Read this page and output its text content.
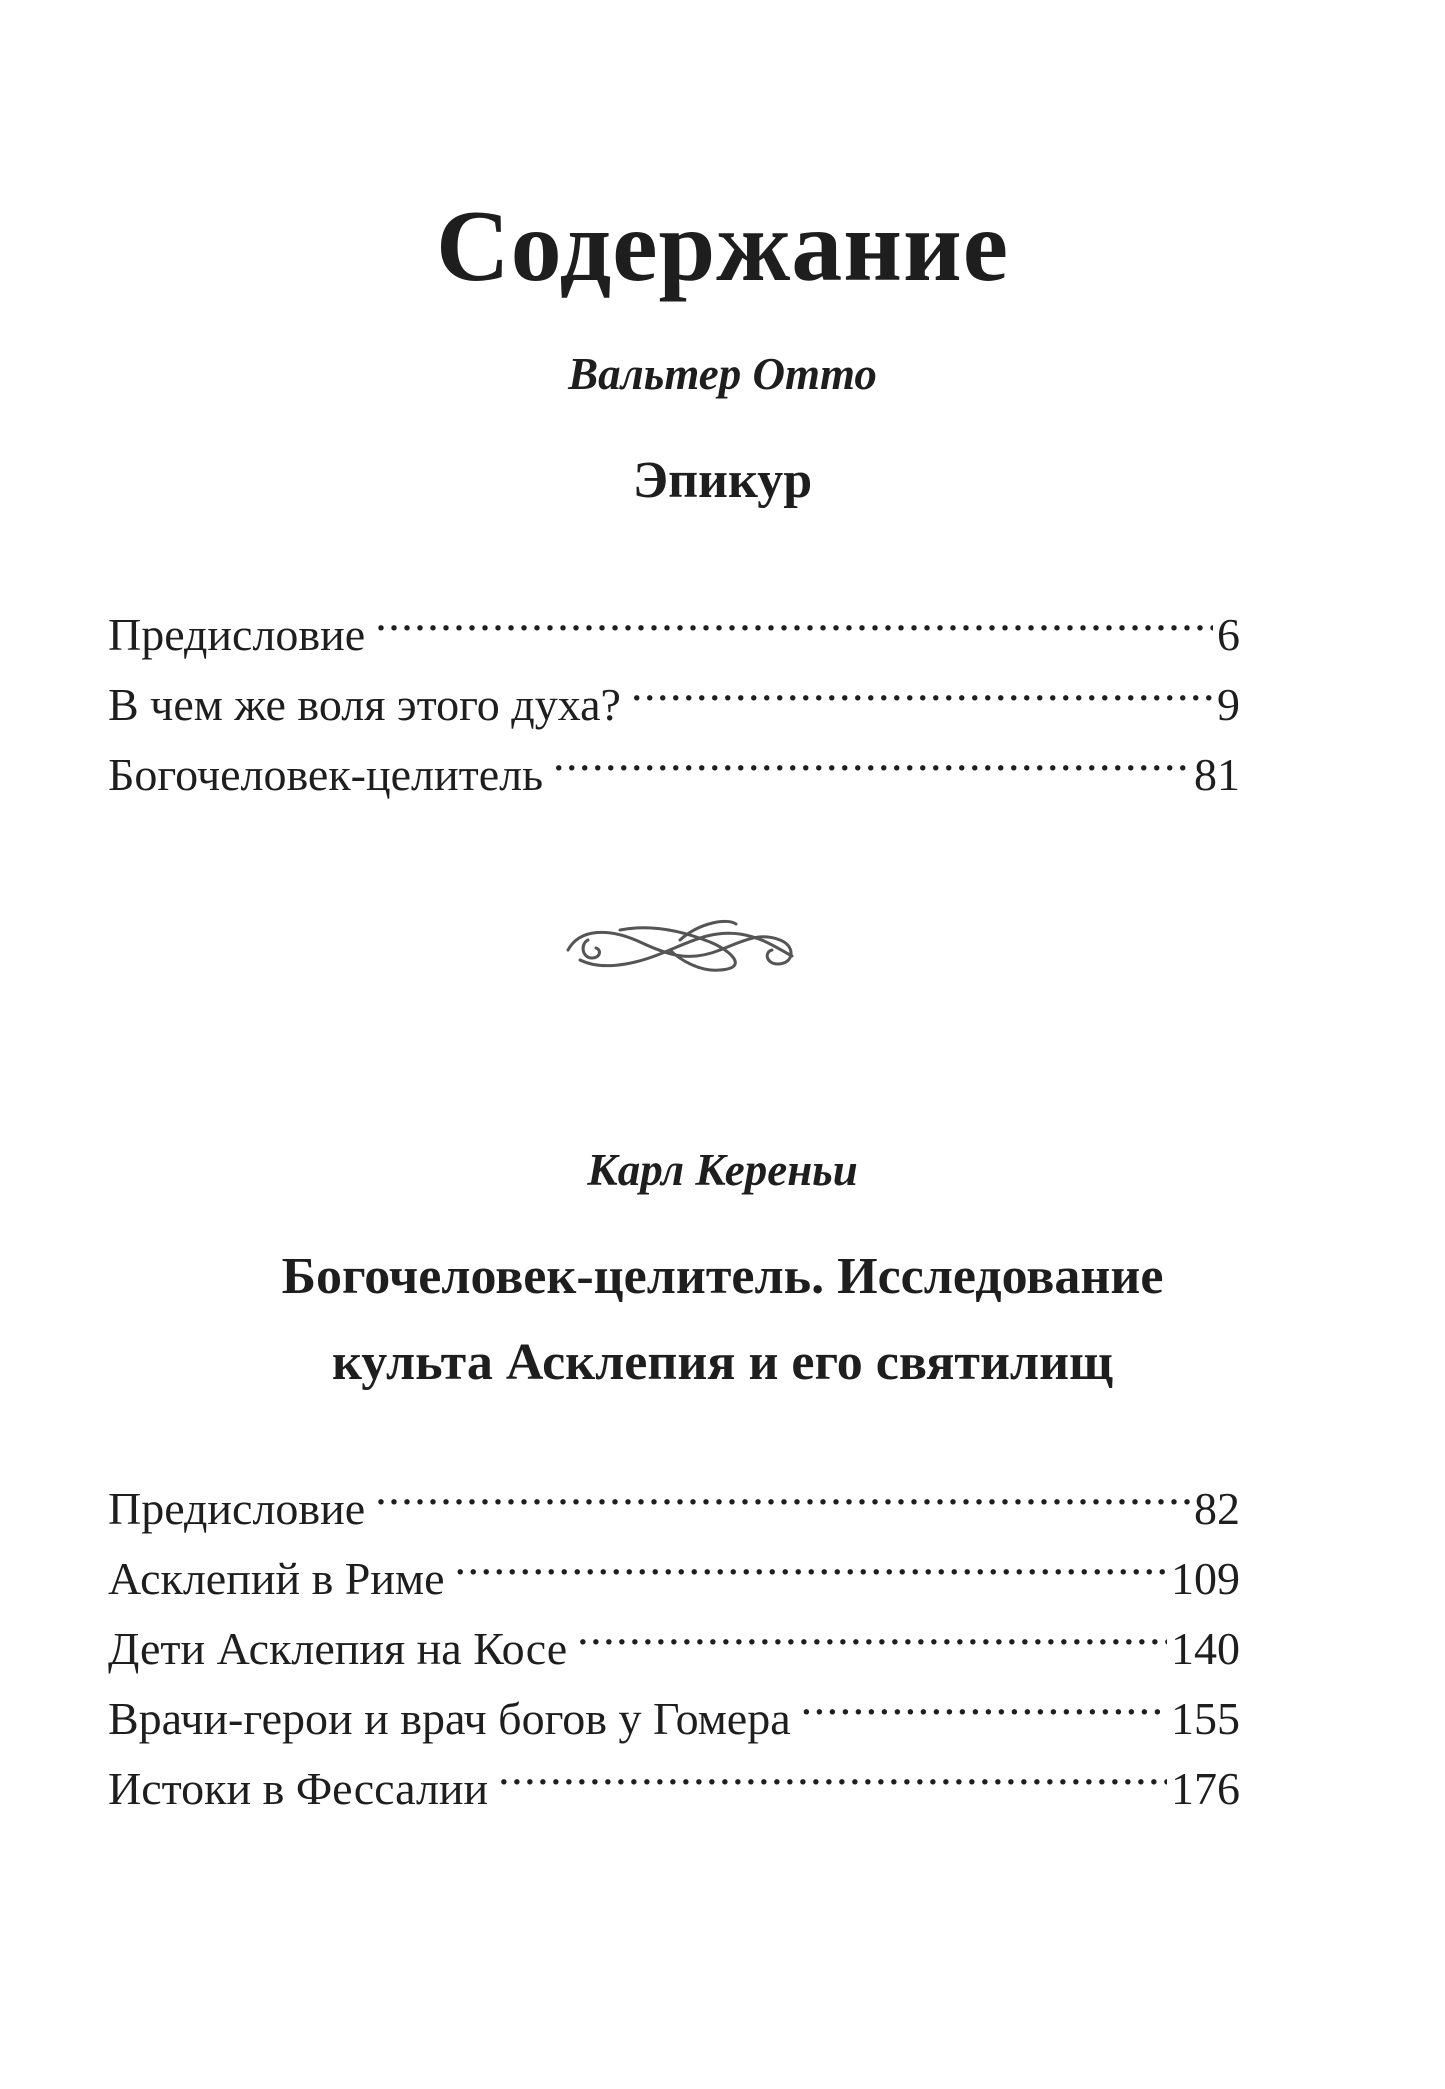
Содержание
Вальтер Отто
Эпикур
Предисловие . . .	6
В чем же воля этого духа? . . .	9
Богочеловек-целитель . . .	81
Карл Кереньи
Богочеловек-целитель. Исследование
культа Асклепия и его святилищ
Предисловие . . .	82
Асклепий в Риме . . .	109
Дети Асклепия на Косе . . .	140
Врачи-герои и врач богов у Гомера . . .	155
Истоки в Фессалии . . .	176
